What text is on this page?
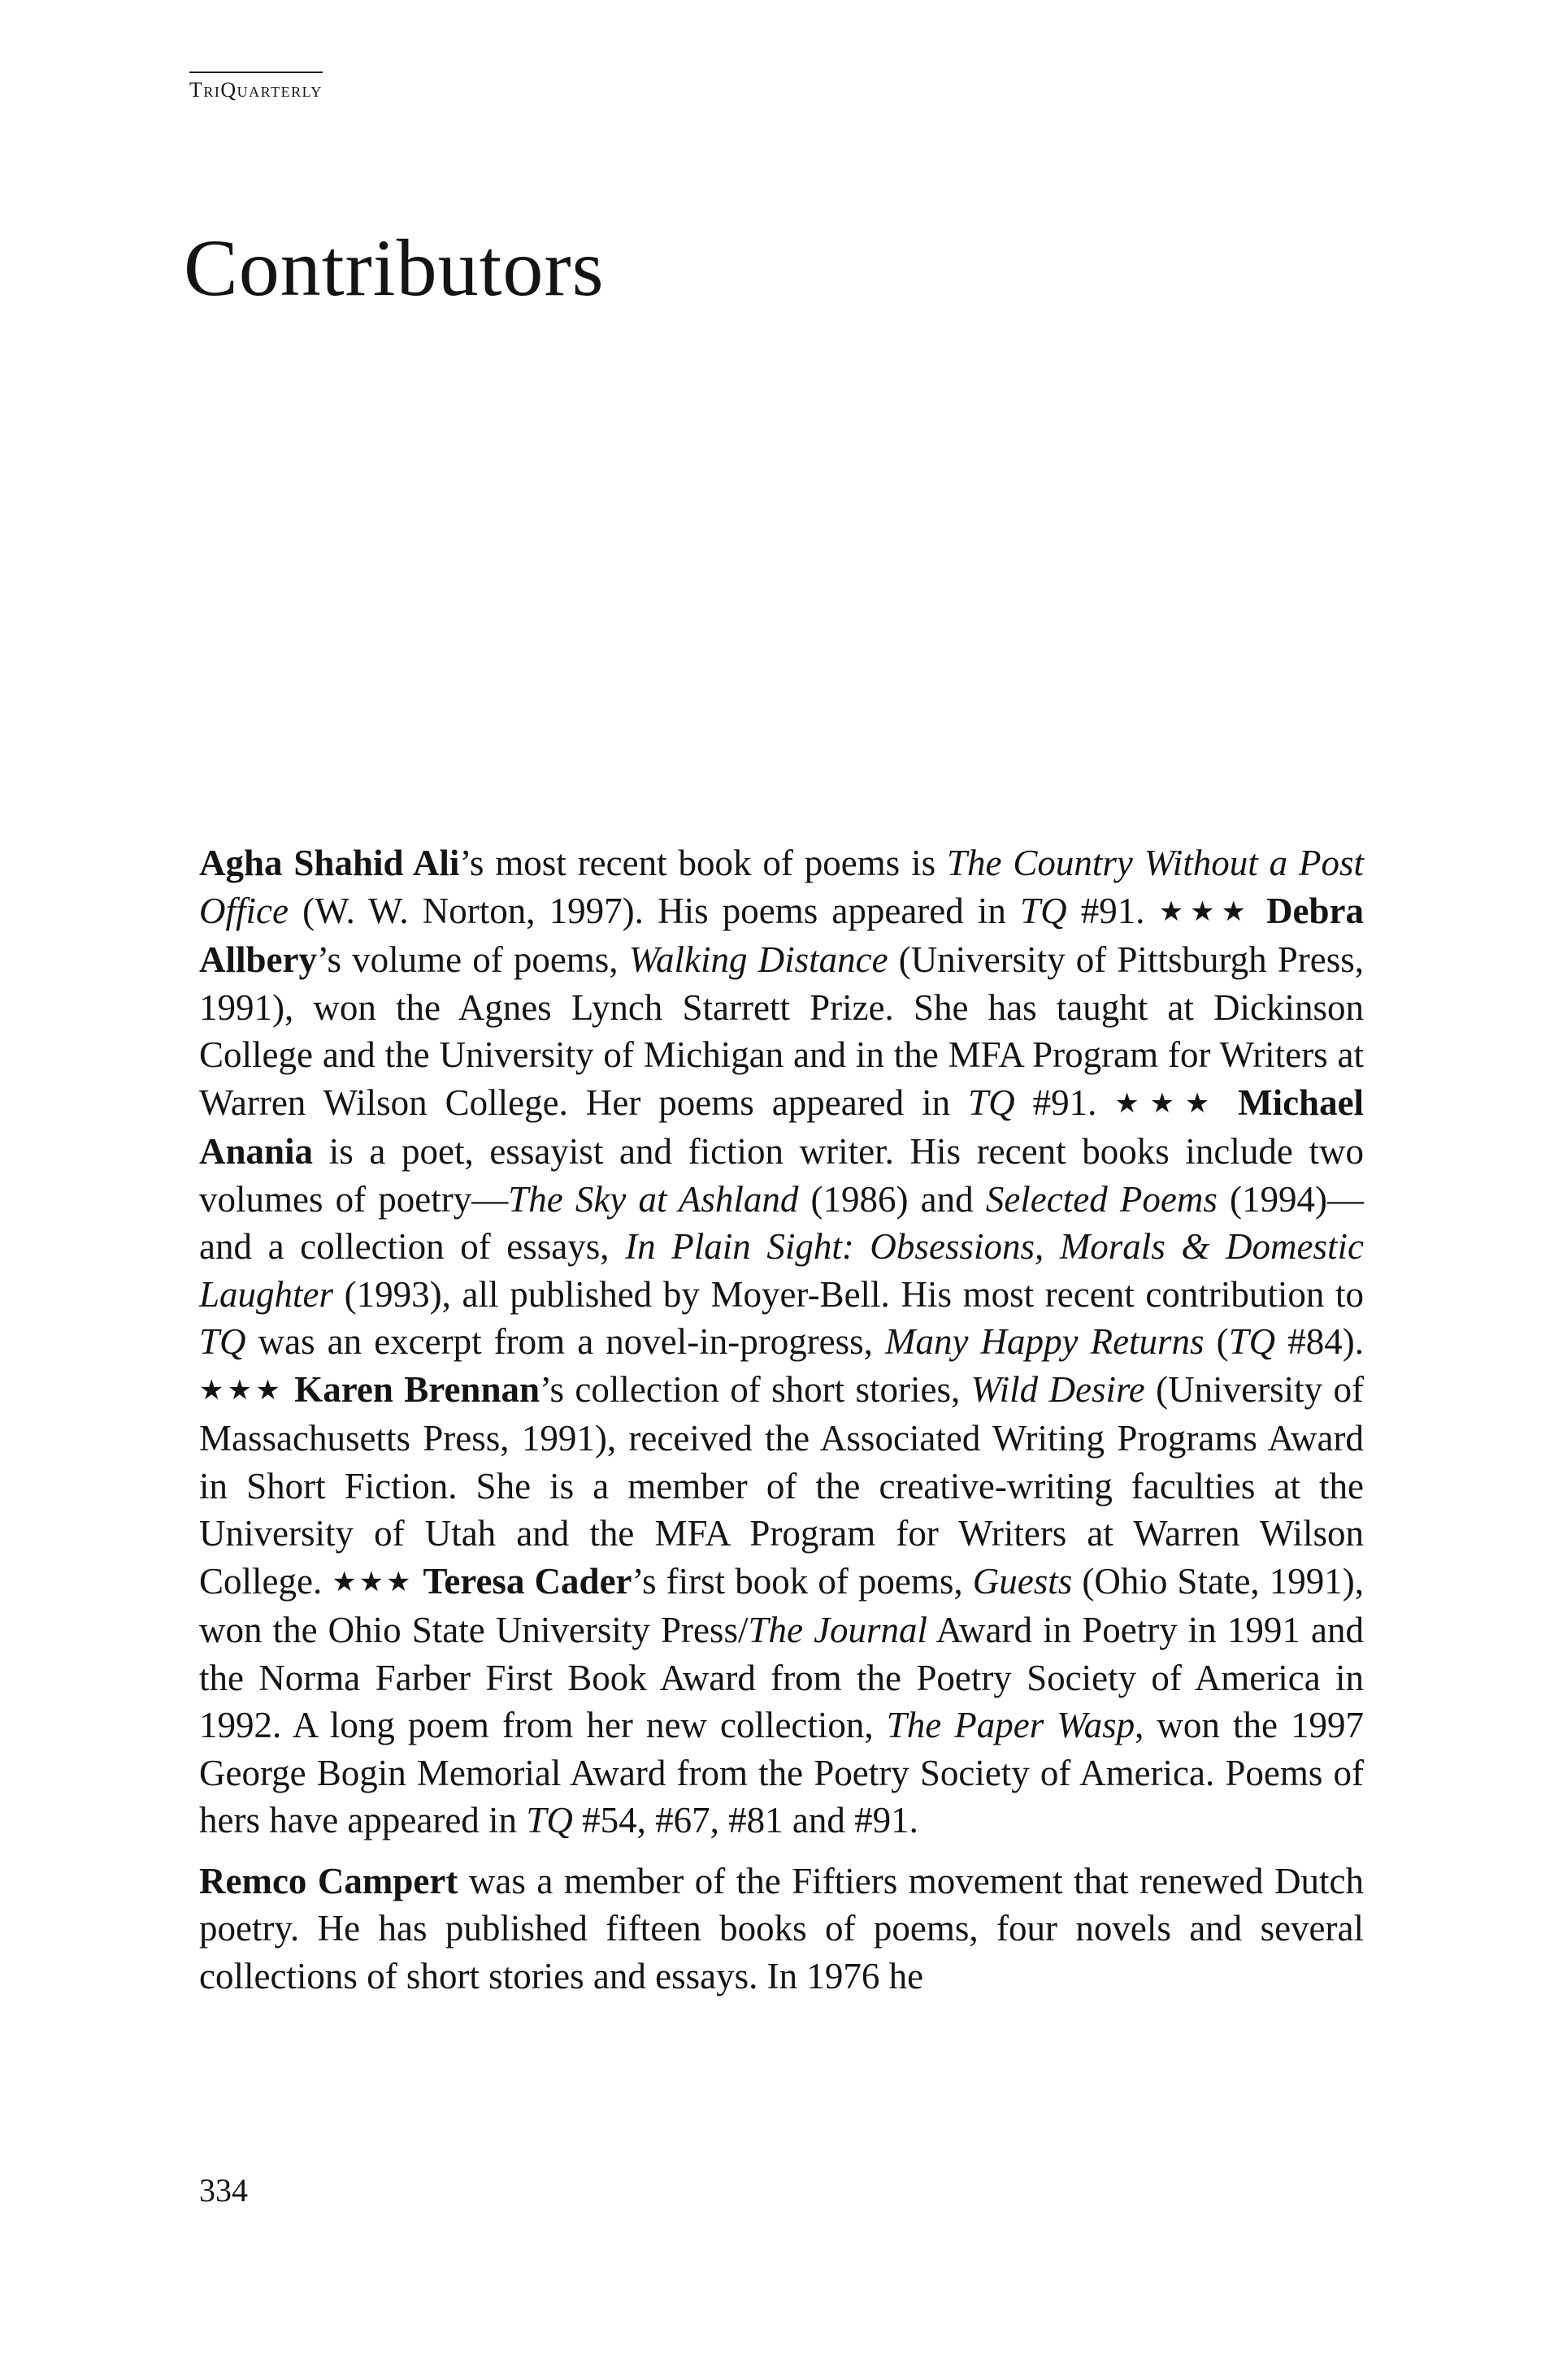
TriQuarterly
Contributors

Agha Shahid Ali’s most recent book of poems is The Country Without a Post Office (W. W. Norton, 1997). His poems appeared in TQ #91. ★★★ Debra Allbery’s volume of poems, Walking Distance (University of Pittsburgh Press, 1991), won the Agnes Lynch Starrett Prize. She has taught at Dickinson College and the University of Michigan and in the MFA Program for Writers at Warren Wilson College. Her poems appeared in TQ #91. ★★★ Michael Anania is a poet, essayist and fiction writer. His recent books include two volumes of poetry—The Sky at Ashland (1986) and Selected Poems (1994)—and a collection of essays, In Plain Sight: Obsessions, Morals & Domestic Laughter (1993), all published by Moyer-Bell. His most recent contribution to TQ was an excerpt from a novel-in-progress, Many Happy Returns (TQ #84). ★★★ Karen Brennan’s collection of short stories, Wild Desire (University of Massachusetts Press, 1991), received the Associated Writing Programs Award in Short Fiction. She is a member of the creative-writing faculties at the University of Utah and the MFA Program for Writers at Warren Wilson College. ★★★ Teresa Cader’s first book of poems, Guests (Ohio State, 1991), won the Ohio State University Press/The Journal Award in Poetry in 1991 and the Norma Farber First Book Award from the Poetry Society of America in 1992. A long poem from her new collection, The Paper Wasp, won the 1997 George Bogin Memorial Award from the Poetry Society of America. Poems of hers have appeared in TQ #54, #67, #81 and #91.

Remco Campert was a member of the Fiftiers movement that renewed Dutch poetry. He has published fifteen books of poems, four novels and several collections of short stories and essays. In 1976 he

334
